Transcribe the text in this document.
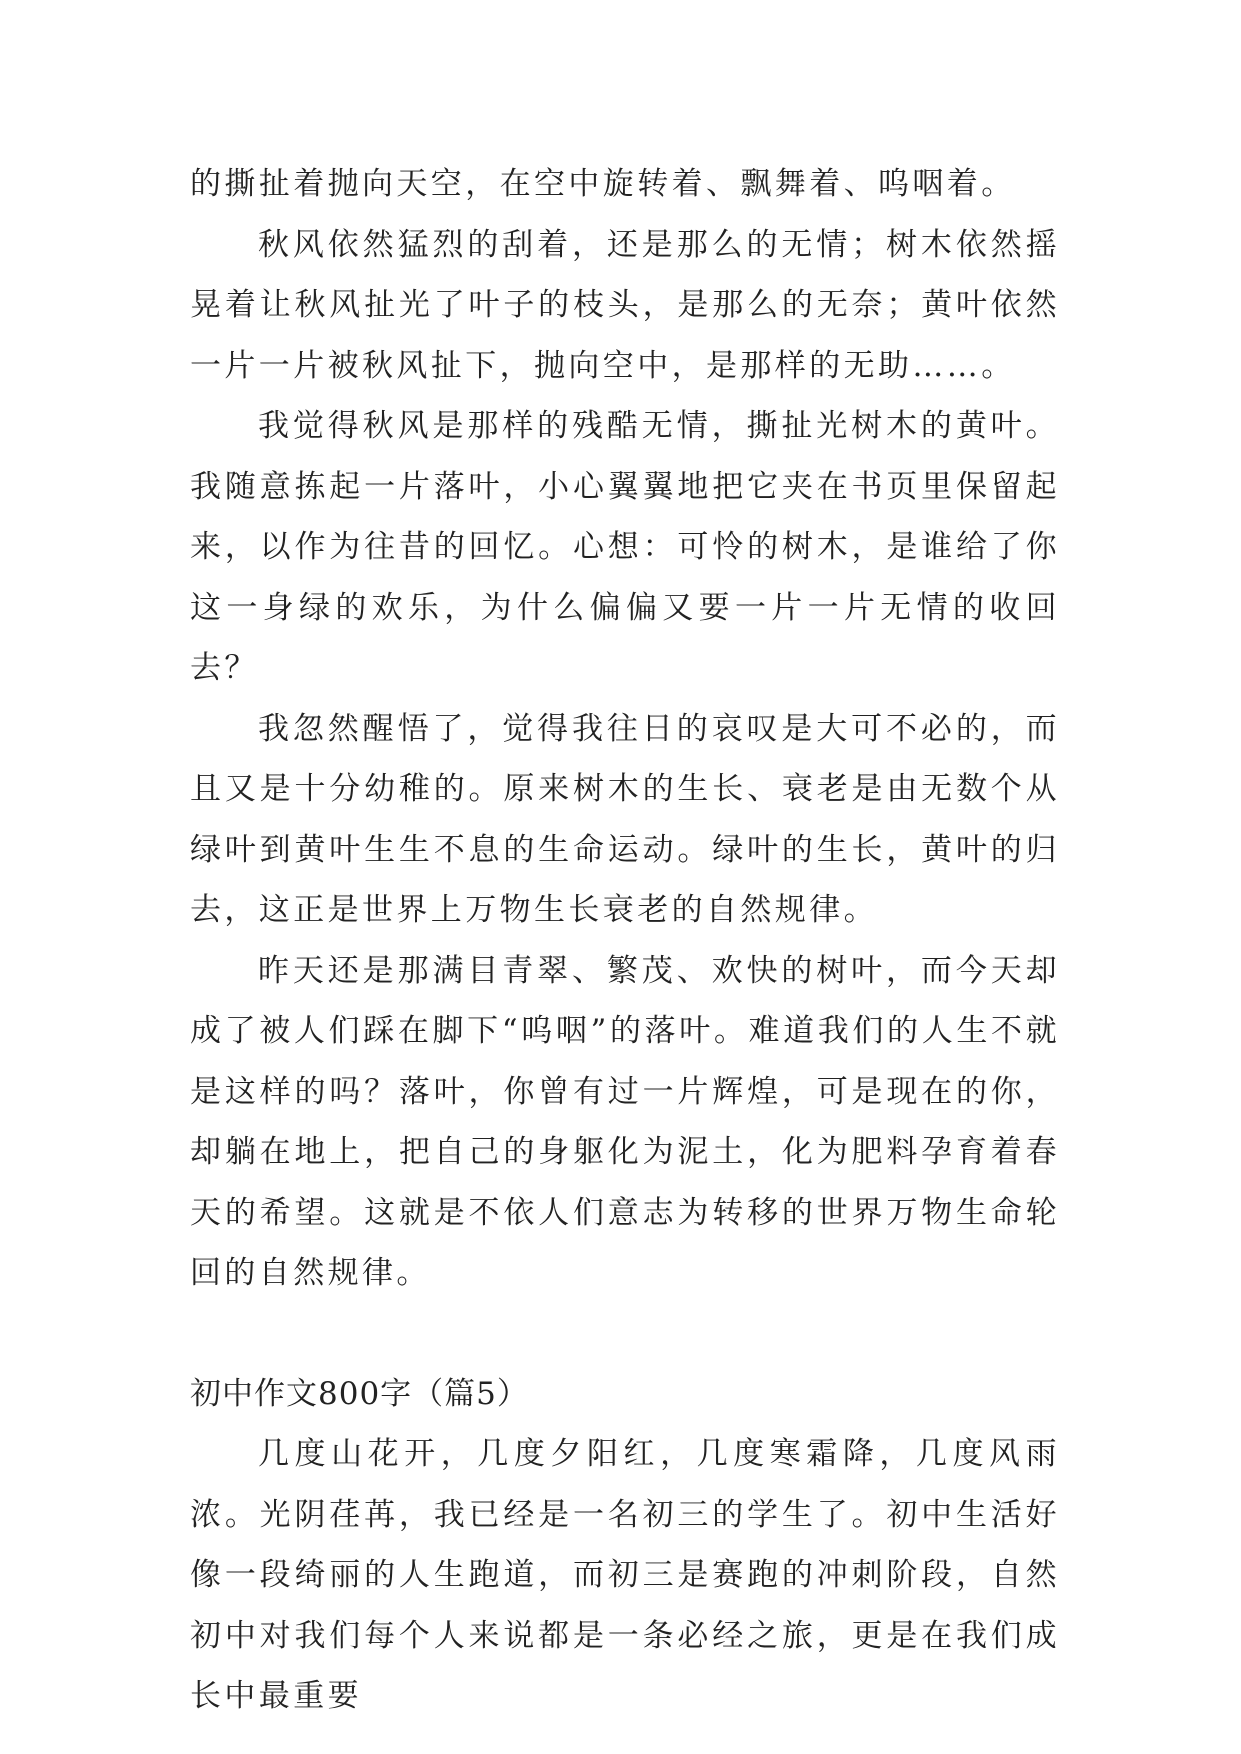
的撕扯着抛向天空，在空中旋转着、飘舞着、呜咽着。

秋风依然猛烈的刮着，还是那么的无情；树木依然摇晃着让秋风扯光了叶子的枝头，是那么的无奈；黄叶依然一片一片被秋风扯下，抛向空中，是那样的无助……。

我觉得秋风是那样的残酷无情，撕扯光树木的黄叶。我随意拣起一片落叶，小心翼翼地把它夹在书页里保留起来，以作为往昔的回忆。心想：可怜的树木，是谁给了你这一身绿的欢乐，为什么偏偏又要一片一片无情的收回去？

我忽然醒悟了，觉得我往日的哀叹是大可不必的，而且又是十分幼稚的。原来树木的生长、衰老是由无数个从绿叶到黄叶生生不息的生命运动。绿叶的生长，黄叶的归去，这正是世界上万物生长衰老的自然规律。

昨天还是那满目青翠、繁茂、欢快的树叶，而今天却成了被人们踩在脚下“呜咽”的落叶。难道我们的人生不就是这样的吗？落叶，你曾有过一片辉煌，可是现在的你，却躺在地上，把自己的身躯化为泥土，化为肥料孕育着春天的希望。这就是不依人们意志为转移的世界万物生命轮回的自然规律。

初中作文800字（篇5）

几度山花开，几度夕阳红，几度寒霜降，几度风雨浓。光阴荏苒，我已经是一名初三的学生了。初中生活好像一段绮丽的人生跑道，而初三是赛跑的冲刺阶段，自然初中对我们每个人来说都是一条必经之旅，更是在我们成长中最重要
